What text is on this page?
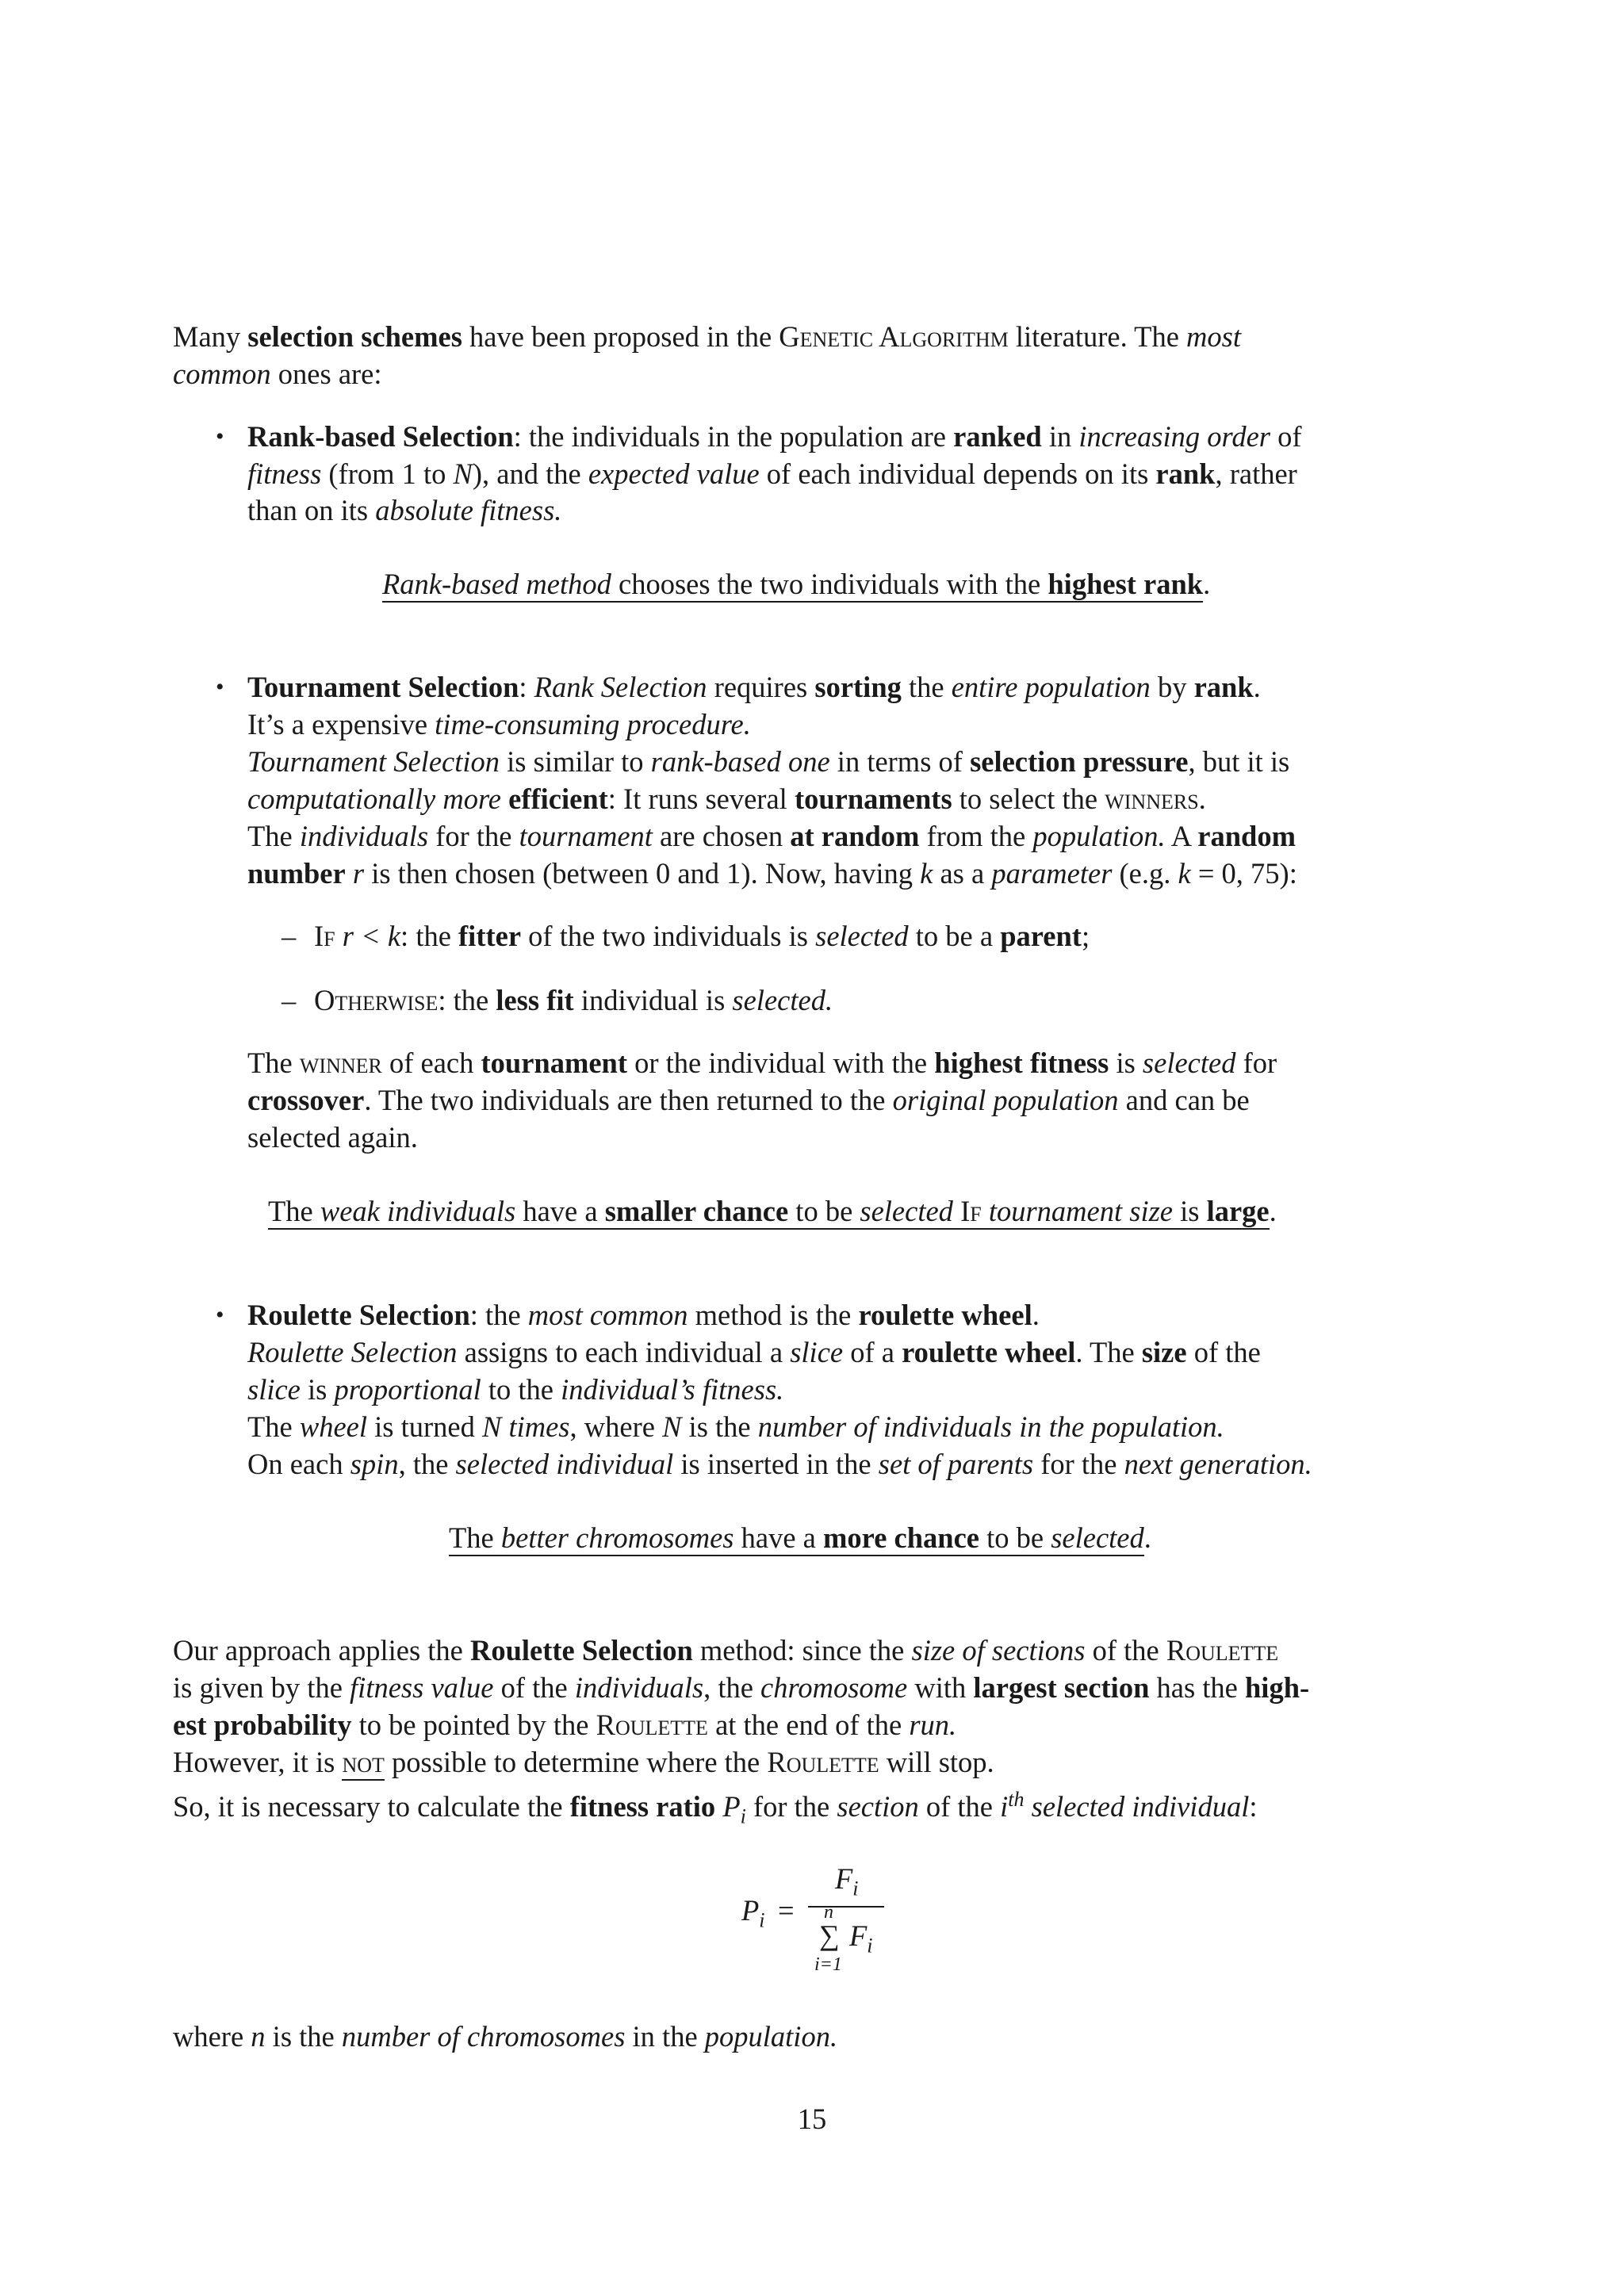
Many selection schemes have been proposed in the Genetic Algorithm literature. The most
common ones are:
• Rank-based Selection: the individuals in the population are ranked in increasing order of
fitness (from 1 to N), and the expected value of each individual depends on its rank, rather
than on its absolute fitness.
Rank-based method chooses the two individuals with the highest rank.
• Tournament Selection: Rank Selection requires sorting the entire population by rank.
It’s a expensive time-consuming procedure.
Tournament Selection is similar to rank-based one in terms of selection pressure, but it is
computationally more efficient: It runs several tournaments to select the winners.
The individuals for the tournament are chosen at random from the population. A random
number r is then chosen (between 0 and 1). Now, having k as a parameter (e.g. k = 0, 75):
– If r < k: the fitter of the two individuals is selected to be a parent;
– Otherwise: the less fit individual is selected.
The winner of each tournament or the individual with the highest fitness is selected for
crossover. The two individuals are then returned to the original population and can be
selected again.
The weak individuals have a smaller chance to be selected If tournament size is large.
• Roulette Selection: the most common method is the roulette wheel.
Roulette Selection assigns to each individual a slice of a roulette wheel. The size of the
slice is proportional to the individual’s fitness.
The wheel is turned N times, where N is the number of individuals in the population.
On each spin, the selected individual is inserted in the set of parents for the next generation.
The better chromosomes have a more chance to be selected.
Our approach applies the Roulette Selection method: since the size of sections of the Roulette
is given by the fitness value of the individuals, the chromosome with largest section has the high-
est probability to be pointed by the Roulette at the end of the run.
However, it is not possible to determine where the Roulette will stop.
So, it is necessary to calculate the fitness ratio $P_i$ for the section of the $i^{th}$ selected individual:
$P_i$ =
$F_i$
n
∑ $F_i$
i=1
where n is the number of chromosomes in the population.
15
